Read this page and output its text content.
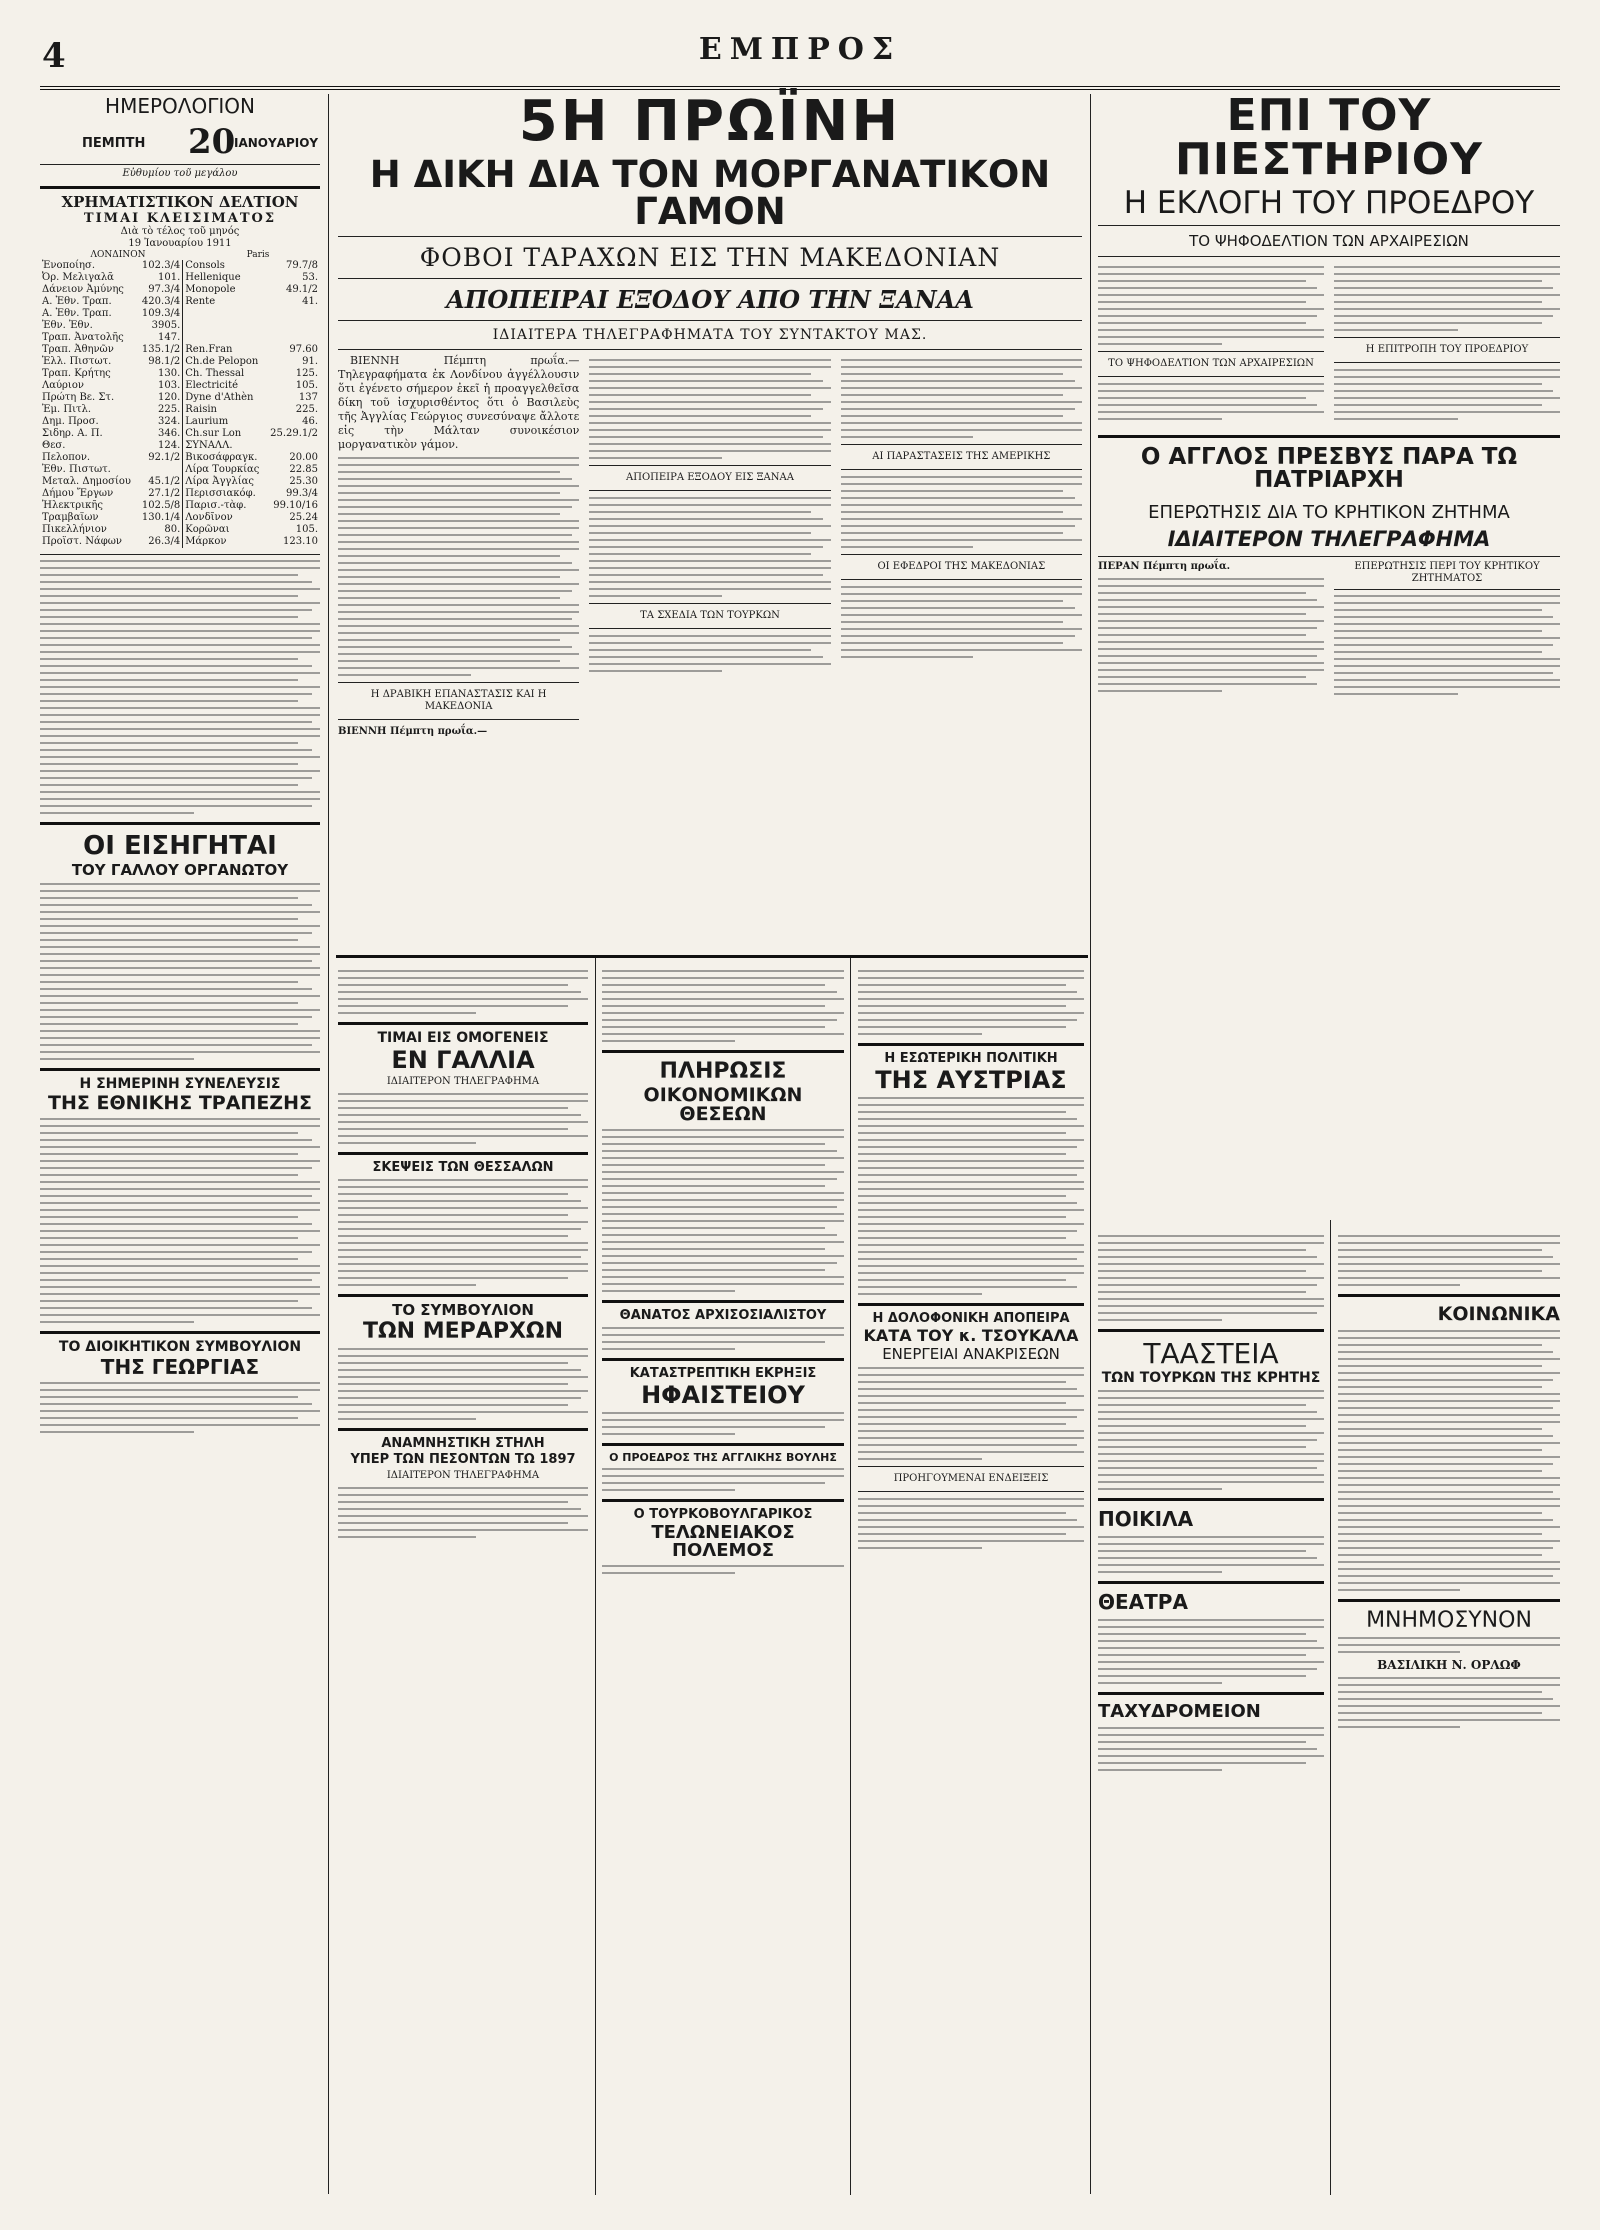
4	ΕΜΠΡΟΣ
ΗΜΕΡΟΛΟΓΙΟΝ
ΠΕΜΠΤΗ 20
ΙΑΝΟΥΑΡΙΟΥ
Εὐθυμίου τοῦ μεγάλου
ΧΡΗΜΑΤΙΣΤΙΚΟΝ ΔΕΛΤΙΟΝ
ΤΙΜΑΙ ΚΛΕΙΣΙΜΑΤΟΣ
Διὰ τὸ τέλος τοῦ μηνός
19 Ἰανουαρίου 1911
ΛΟΝΔΙΝΟΝ	Paris
Ἑνοποίησ.	102.3/4	Consols	79.7/8
Ὀρ. Μελιγαλᾶ	101.	Hellenique	53.
Δάνειον Ἀμύνης	97.3/4	Monopole	49.1/2
Α. Ἐθν. Τραπ.	420.3/4	Rente	41.
Α. Ἐθν. Τραπ.	109.3/4		
Ἐθν. Ἐθν.	3905.		
Τραπ. Ἀνατολῆς	147.		
Τραπ. Ἀθηνῶν	135.1/2	Ren.Fran	97.60
Ἑλλ. Πιστωτ.	98.1/2	Ch.de Pelopon	91.
Τραπ. Κρήτης	130.	Ch. Thessal	125.
Λαύριον	103.	Electricité	105.
Πρώτη Βε. Στ.	120.	Dyne d'Athèn	137
Ἐμ. Πιτλ.	225.	Raisin	225.
Δημ. Προσ.	324.	Laurium	46.
Σιδηρ. Α. Π.	346.	Ch.sur Lon	25.29.1/2
Θεσ.	124.	ΣΥΝΑΛΛ.	
Πελοπον.	92.1/2	Βικοσάφραγκ.	20.00
Ἐθν. Πιστωτ.		Λίρα Τουρκίας	22.85
Μεταλ. Δημοσίου	45.1/2	Λίρα Ἀγγλίας	25.30
Δήμου Ἔργων	27.1/2	Περισσιακόφ.	99.3/4
Ἠλεκτρικῆς	102.5/8	Παρισ.-τὰφ.	99.10/16
Τραμβαϊων	130.1/4	Λονδῖνον	25.24
Πικελλήνιον	80.	Κορῶναι	105.
Προϊστ. Νάφων	26.3/4	Μάρκον	123.10
ΟΙ ΕΙΣΗΓΗΤΑΙ
ΤΟΥ ΓΑΛΛΟΥ ΟΡΓΑΝΩΤΟΥ
Η ΣΗΜΕΡΙΝΗ ΣΥΝΕΛΕΥΣΙΣ
ΤΗΣ ΕΘΝΙΚΗΣ ΤΡΑΠΕΖΗΣ
ΤΟ ΔΙΟΙΚΗΤΙΚΟΝ ΣΥΜΒΟΥΛΙΟΝ
ΤΗΣ ΓΕΩΡΓΙΑΣ
5Η ΠΡΩΪΝΗ
Η ΔΙΚΗ ΔΙΑ ΤΟΝ ΜΟΡΓΑΝΑΤΙΚΟΝ ΓΑΜΟΝ
ΦΟΒΟΙ ΤΑΡΑΧΩΝ ΕΙΣ ΤΗΝ ΜΑΚΕΔΟΝΙΑΝ
ΑΠΟΠΕΙΡΑΙ ΕΞΟΔΟΥ ΑΠΟ ΤΗΝ ΞΑΝΑΑ
ΙΔΙΑΙΤΕΡΑ ΤΗΛΕΓΡΑΦΗΜΑΤΑ ΤΟΥ ΣΥΝΤΑΚΤΟΥ ΜΑΣ.

ΒΙΕΝΝΗ Πέμπτη πρωΐα.— Τηλεγραφήματα ἐκ Λονδίνου ἀγγέλλουσιν ὅτι ἐγένετο σήμερον ἐκεῖ ἡ προαγγελθεῖσα δίκη τοῦ ἰσχυρισθέντος ὅτι ὁ Βασιλεὺς τῆς Ἀγγλίας Γεώργιος συνεσύναψε ἄλλοτε εἰς τὴν Μάλταν συνοικέσιον μοργανατικὸν γάμον.

Η ΔΡΑΒΙΚΗ ΕΠΑΝΑΣΤΑΣΙΣ ΚΑΙ Η ΜΑΚΕΔΟΝΙΑ
ΒΙΕΝΝΗ Πέμπτη πρωΐα.—
ΑΠΟΠΕΙΡΑ ΕΞΟΔΟΥ ΕΙΣ ΞΑΝΑΑ
ΤΑ ΣΧΕΔΙΑ ΤΩΝ ΤΟΥΡΚΩΝ
ΑΙ ΠΑΡΑΣΤΑΣΕΙΣ ΤΗΣ ΑΜΕΡΙΚΗΣ
ΟΙ ΕΦΕΔΡΟΙ ΤΗΣ ΜΑΚΕΔΟΝΙΑΣ
ΕΠΙ ΤΟΥ ΠΙΕΣΤΗΡΙΟΥ
Η ΕΚΛΟΓΗ ΤΟΥ ΠΡΟΕΔΡΟΥ
ΤΟ ΨΗΦΟΔΕΛΤΙΟΝ ΤΩΝ ΑΡΧΑΙΡΕΣΙΩΝ
ΤΟ ΨΗΦΟΔΕΛΤΙΟΝ ΤΩΝ ΑΡΧΑΙΡΕΣΙΩΝ
Η ΕΠΙΤΡΟΠΗ ΤΟΥ ΠΡΟΕΔΡΙΟΥ
Ο ΑΓΓΛΟΣ ΠΡΕΣΒΥΣ ΠΑΡΑ ΤΩ ΠΑΤΡΙΑΡΧΗ
ΕΠΕΡΩΤΗΣΙΣ ΔΙΑ ΤΟ ΚΡΗΤΙΚΟΝ ΖΗΤΗΜΑ
ΙΔΙΑΙΤΕΡΟΝ ΤΗΛΕΓΡΑΦΗΜΑ
ΠΕΡΑΝ Πέμπτη πρωΐα.	ΕΠΕΡΩΤΗΣΙΣ ΠΕΡΙ ΤΟΥ ΚΡΗΤΙΚΟΥ ΖΗΤΗΜΑΤΟΣ
ΤΙΜΑΙ ΕΙΣ ΟΜΟΓΕΝΕΙΣ
ΕΝ ΓΑΛΛΙΑ
ΙΔΙΑΙΤΕΡΟΝ ΤΗΛΕΓΡΑΦΗΜΑ
ΣΚΕΨΕΙΣ ΤΩΝ ΘΕΣΣΑΛΩΝ
ΤΟ ΣΥΜΒΟΥΛΙΟΝ
ΤΩΝ ΜΕΡΑΡΧΩΝ
ΑΝΑΜΝΗΣΤΙΚΗ ΣΤΗΛΗ
ΥΠΕΡ ΤΩΝ ΠΕΣΟΝΤΩΝ ΤΩ 1897
ΙΔΙΑΙΤΕΡΟΝ ΤΗΛΕΓΡΑΦΗΜΑ
ΠΛΗΡΩΣΙΣ
ΟΙΚΟΝΟΜΙΚΩΝ ΘΕΣΕΩΝ
ΘΑΝΑΤΟΣ ΑΡΧΙΣΟΣΙΑΛΙΣΤΟΥ
ΚΑΤΑΣΤΡΕΠΤΙΚΗ ΕΚΡΗΞΙΣ
ΗΦΑΙΣΤΕΙΟΥ
Ο ΠΡΟΕΔΡΟΣ ΤΗΣ ΑΓΓΛΙΚΗΣ ΒΟΥΛΗΣ
Ο ΤΟΥΡΚΟΒΟΥΛΓΑΡΙΚΟΣ
ΤΕΛΩΝΕΙΑΚΟΣ ΠΟΛΕΜΟΣ
Η ΕΣΩΤΕΡΙΚΗ ΠΟΛΙΤΙΚΗ
ΤΗΣ ΑΥΣΤΡΙΑΣ
Η ΔΟΛΟΦΟΝΙΚΗ ΑΠΟΠΕΙΡΑ
ΚΑΤΑ ΤΟΥ κ. ΤΣΟΥΚΑΛΑ
ΕΝΕΡΓΕΙΑΙ ΑΝΑΚΡΙΣΕΩΝ
ΠΡΟΗΓΟΥΜΕΝΑΙ ΕΝΔΕΙΞΕΙΣ
ΤΑΑΣΤΕΙΑ
ΤΩΝ ΤΟΥΡΚΩΝ ΤΗΣ ΚΡΗΤΗΣ
ΠΟΙΚΙΛΑ
ΘΕΑΤΡΑ
ΤΑΧΥΔΡΟΜΕΙΟΝ
ΚΟΙΝΩΝΙΚΑ
ΜΝΗΜΟΣΥΝΟΝ
ΒΑΣΙΛΙΚΗ Ν. ΟΡΛΩΦ
